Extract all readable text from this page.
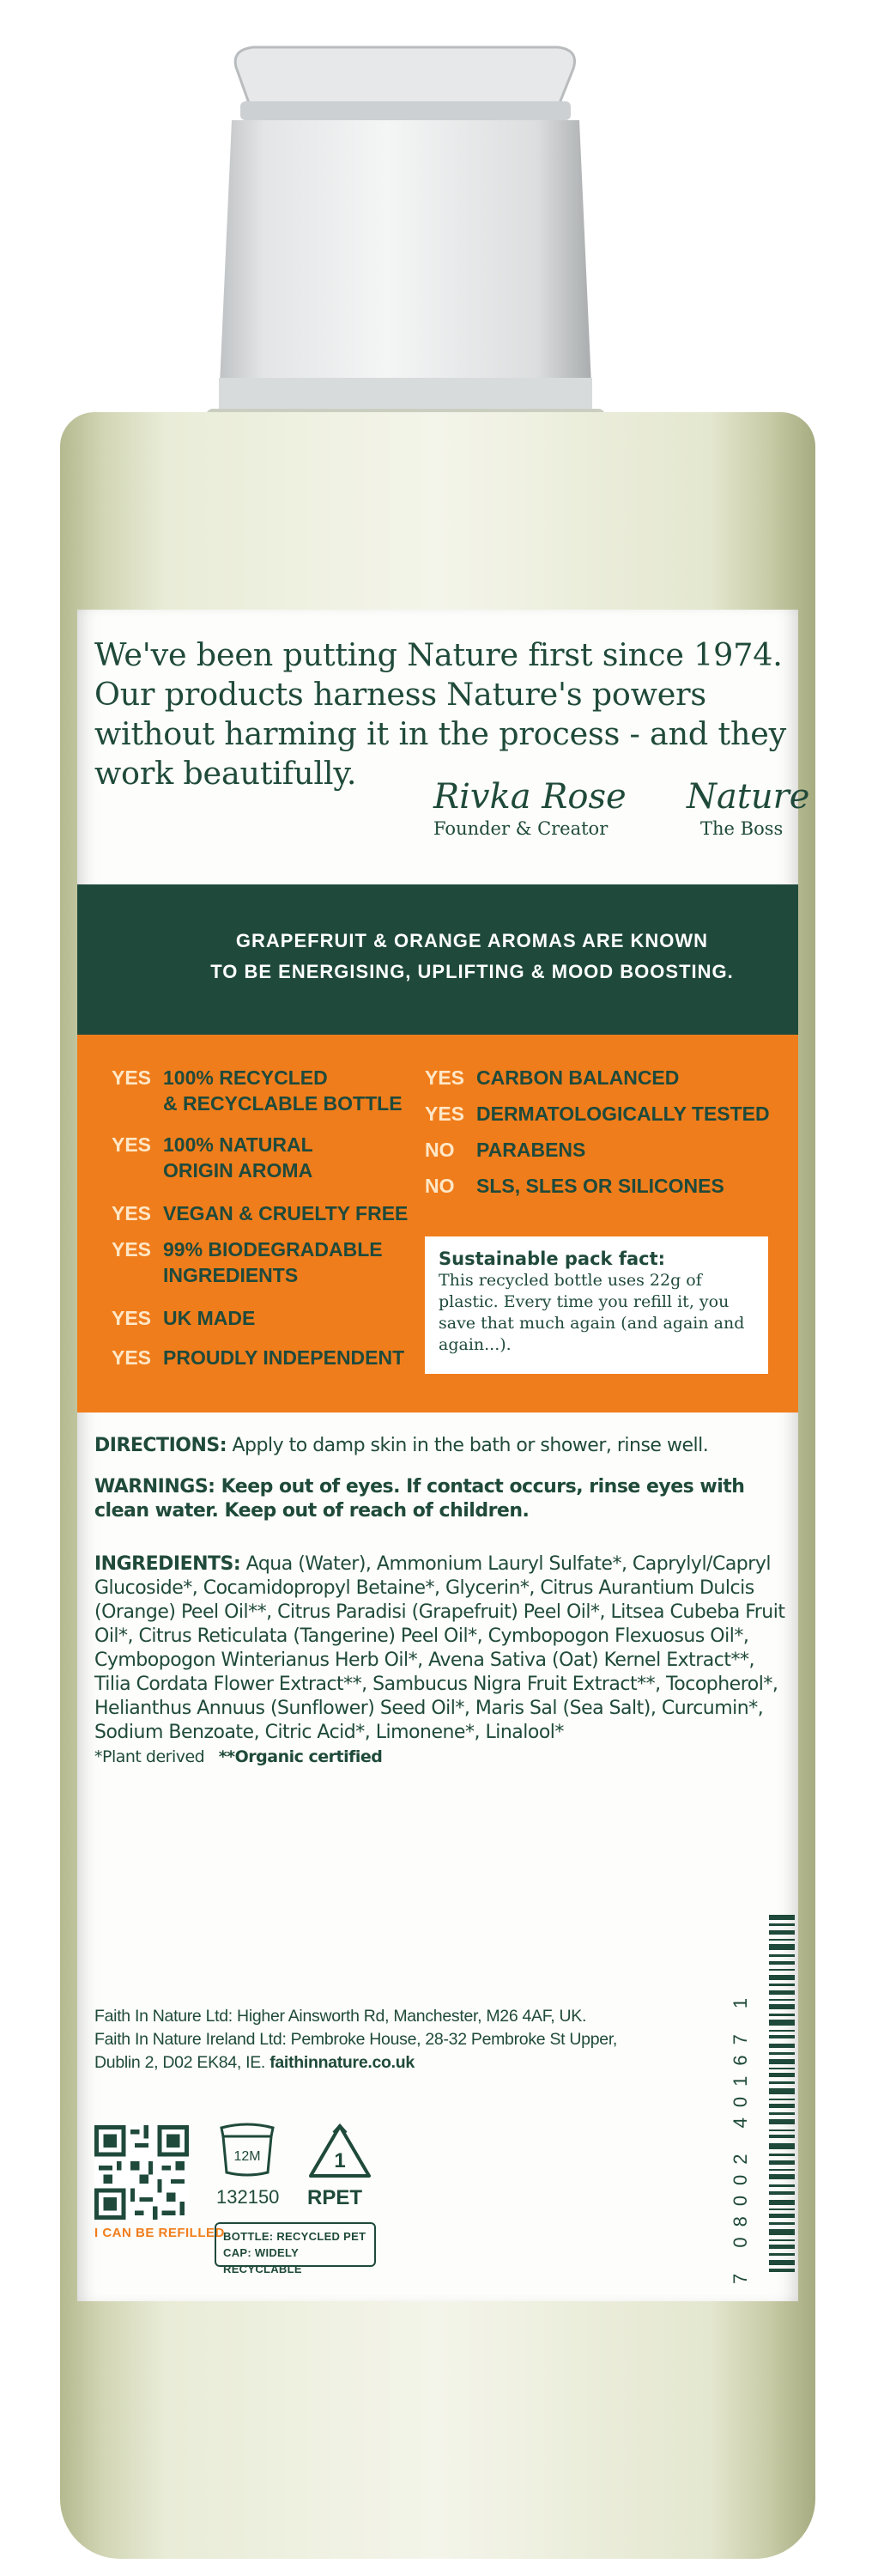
We've been putting Nature first since 1974.

Our products harness Nature's powers

without harming it in the process - and they

work beautifully.

Rivka Rose
Founder & Creator
Nature
The Boss

GRAPEFRUIT & ORANGE AROMAS ARE KNOWN
TO BE ENERGISING, UPLIFTING & MOOD BOOSTING.

YES 100% RECYCLED
& RECYCLABLE BOTTLE
YES 100% NATURAL
ORIGIN AROMA
YES VEGAN & CRUELTY FREE
YES 99% BIODEGRADABLE
INGREDIENTS
YES UK MADE
YES PROUDLY INDEPENDENT
YES CARBON BALANCED
YES DERMATOLOGICALLY TESTED
NO PARABENS
NO SLS, SLES OR SILICONES
Sustainable pack fact:
This recycled bottle uses 22g of plastic. Every time you refill it, you save that much again (and again and again...).
DIRECTIONS: Apply to damp skin in the bath or shower, rinse well.
WARNINGS: Keep out of eyes. If contact occurs, rinse eyes with clean water. Keep out of reach of children.
INGREDIENTS: Aqua (Water), Ammonium Lauryl Sulfate*, Caprylyl/Capryl Glucoside*, Cocamidopropyl Betaine*, Glycerin*, Citrus Aurantium Dulcis (Orange) Peel Oil**, Citrus Paradisi (Grapefruit) Peel Oil*, Litsea Cubeba Fruit Oil*, Citrus Reticulata (Tangerine) Peel Oil*, Cymbopogon Flexuosus Oil*, Cymbopogon Winterianus Herb Oil*, Avena Sativa (Oat) Kernel Extract**, Tilia Cordata Flower Extract**, Sambucus Nigra Fruit Extract**, Tocopherol*, Helianthus Annuus (Sunflower) Seed Oil*, Maris Sal (Sea Salt), Curcumin*, Sodium Benzoate, Citric Acid*, Limonene*, Linalool*
*Plant derived **Organic certified
Faith In Nature Ltd: Higher Ainsworth Rd, Manchester, M26 4AF, UK.
Faith In Nature Ireland Ltd: Pembroke House, 28-32 Pembroke St Upper,
Dublin 2, D02 EK84, IE. faithinnature.co.uk
I CAN BE REFILLED
12M
132150
1
RPET
BOTTLE: RECYCLED PET
CAP: WIDELY RECYCLABLE	7 08002 40167 1
